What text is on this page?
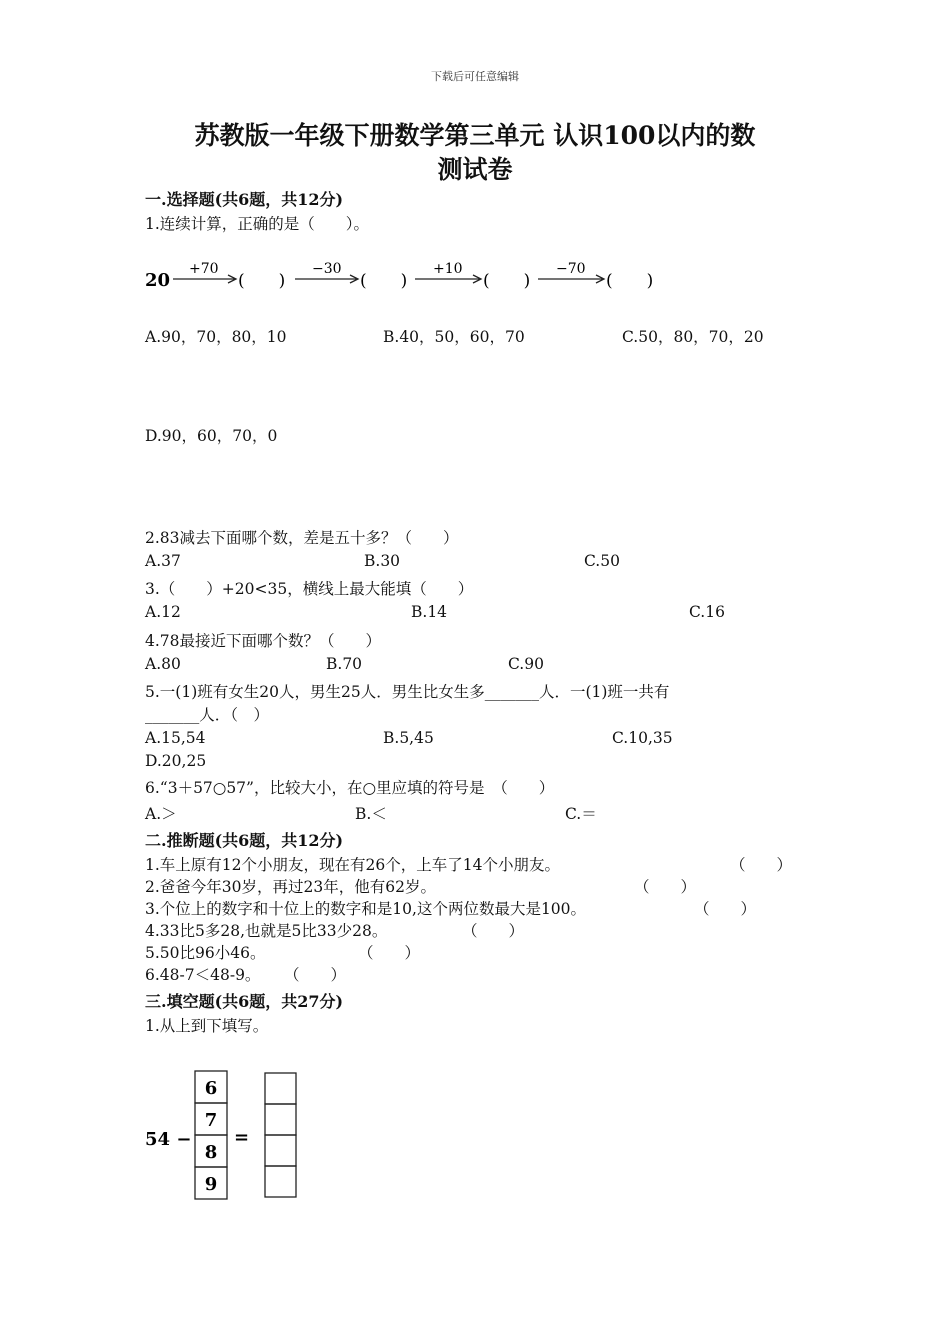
下载后可任意编辑
苏教版一年级下册数学第三单元 认识100以内的数
测试卷
一.选择题(共6题，共12分)
1.连续计算，正确的是（　　）。
20
+70
(　　)
−30
(　　)
+10
(　　)
−70
(　　)
A.90，70，80，10	B.40，50，60，70	C.50，80，70，20
D.90，60，70，0
2.83减去下面哪个数，差是五十多？（　　）
A.37	B.30	C.50
3.（　　）+20<35，横线上最大能填（　　）
A.12	B.14	C.16
4.78最接近下面哪个数？（　　）
A.80	B.70	C.90
5.一(1)班有女生20人，男生25人．男生比女生多_______人．一(1)班一共有
_______人．（　）
A.15,54	B.5,45	C.10,35
D.20,25
6.“3＋57○57”，比较大小，在○里应填的符号是　（　　）
A.＞	B.＜	C.＝
二.推断题(共6题，共12分)
1.车上原有12个小朋友，现在有26个，上车了14个小朋友。	（　　）
2.爸爸今年30岁，再过23年，他有62岁。	（　　）
3.个位上的数字和十位上的数字和是10,这个两位数最大是100。	（　　）
4.33比5多28,也就是5比33少28。	（　　）
5.50比96小46。	（　　）
6.48-7＜48-9。 （　　）
三.填空题(共6题，共27分)
1.从上到下填写。
54 −
6
7
8
9
=
